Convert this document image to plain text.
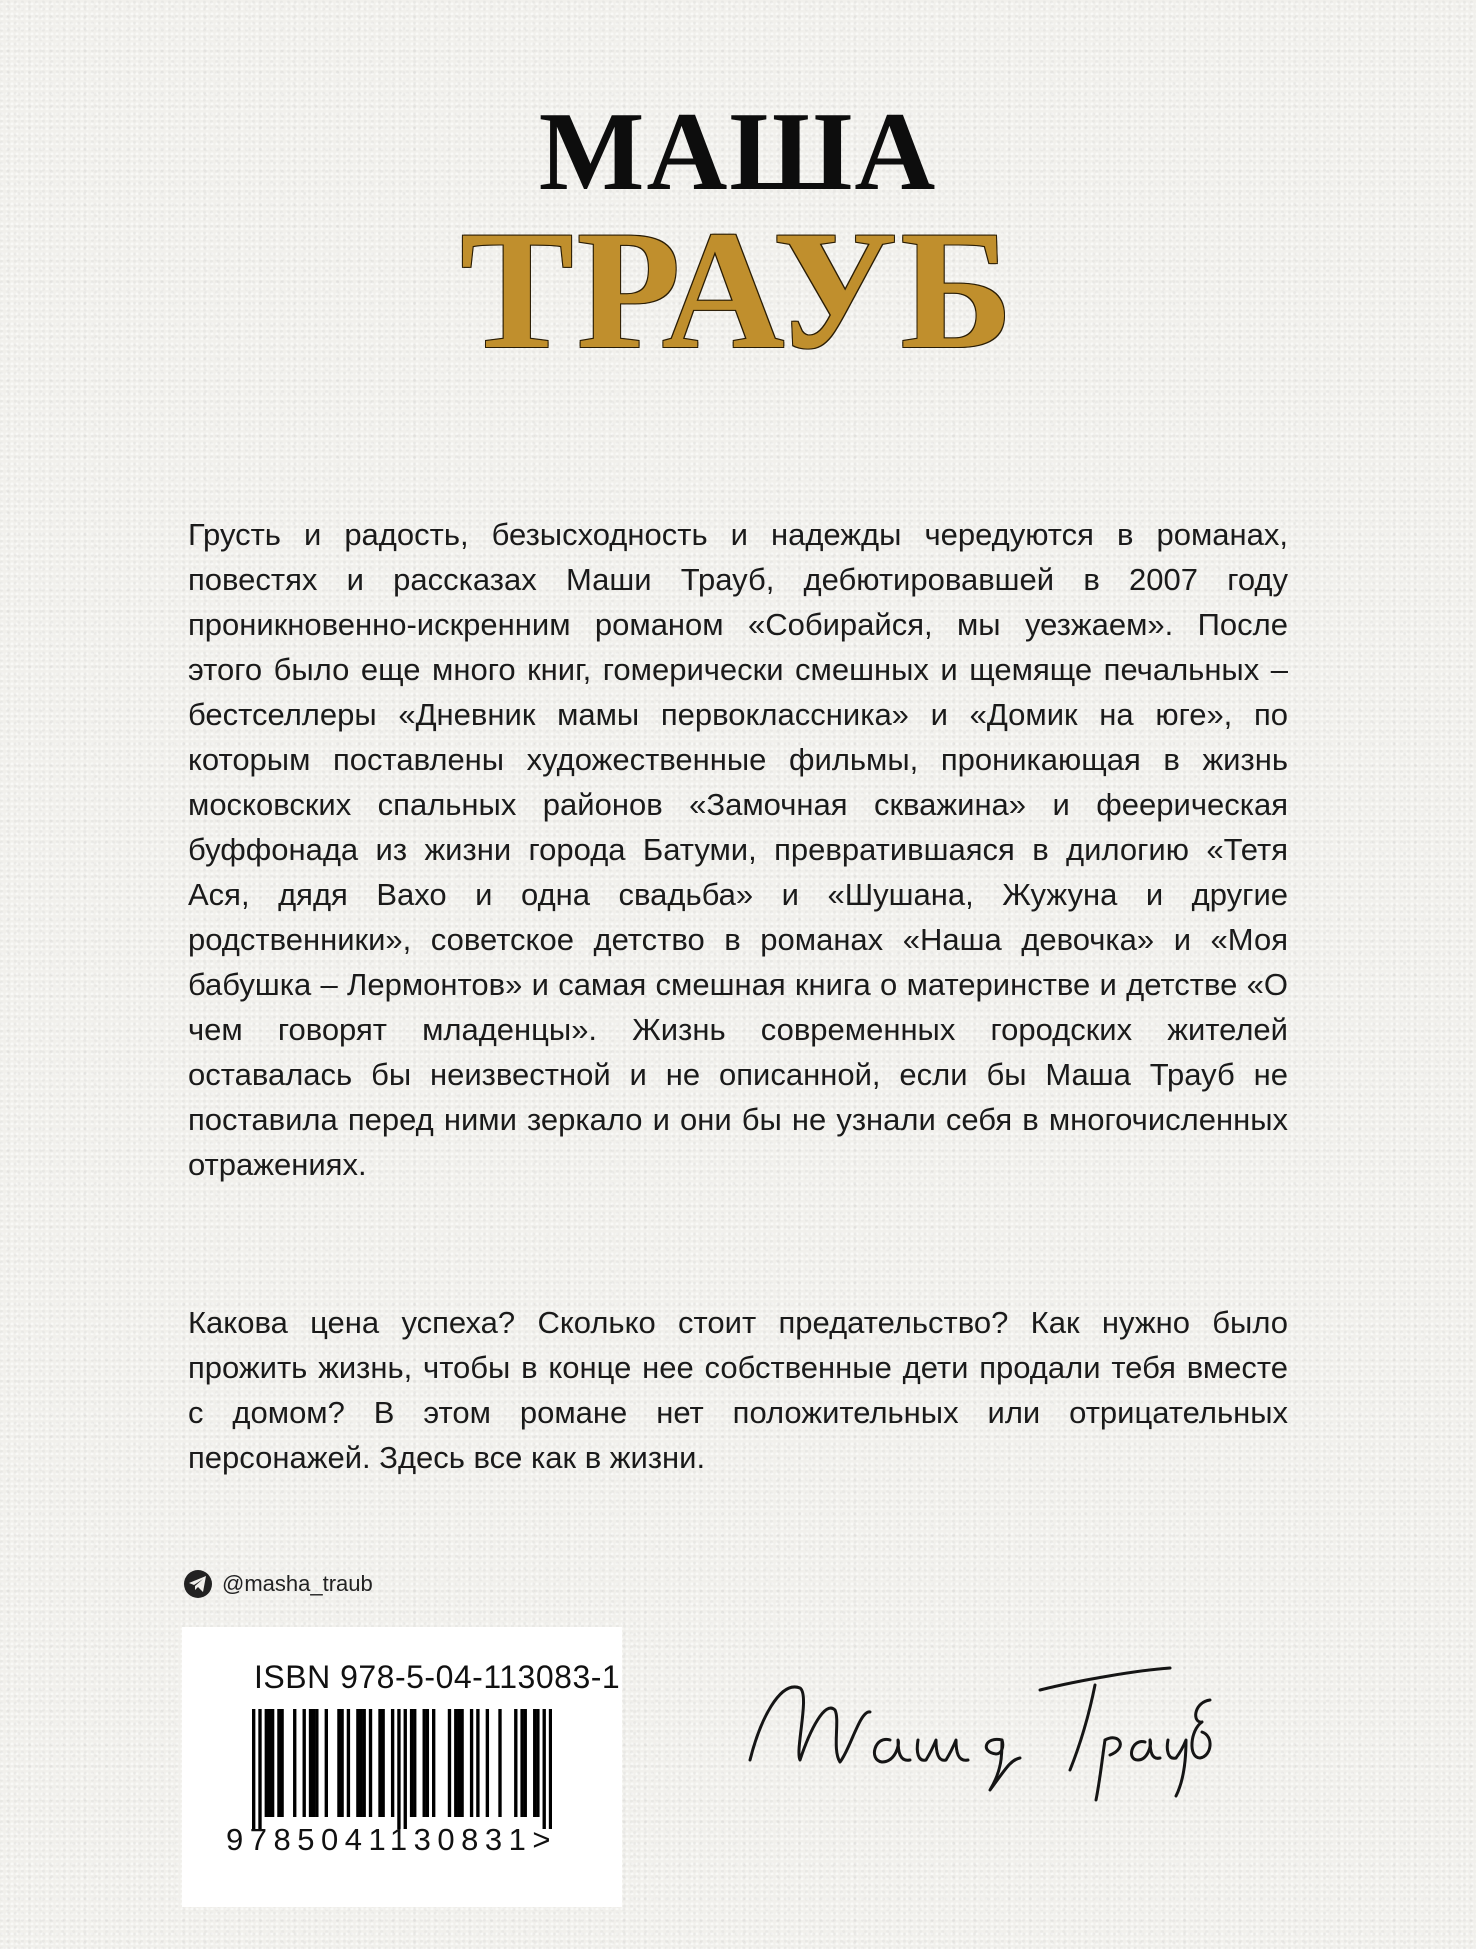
МАША
ТРАУБ

Грусть и радость, безысходность и надежды чередуются в романах, повестях и рассказах Маши Трауб, дебютировавшей в 2007 году проникновенно-искренним романом «Собирайся, мы уезжаем». После этого было еще много книг, гомерически смешных и щемяще печальных – бестселлеры «Дневник мамы первоклассника» и «Домик на юге», по которым поставлены художественные фильмы, проникающая в жизнь московских спальных районов «Замочная скважина» и феерическая буффонада из жизни города Батуми, превратившаяся в дилогию «Тетя Ася, дядя Вахо и одна свадьба» и «Шушана, Жужуна и другие родственники», советское детство в романах «Наша девочка» и «Моя бабушка – Лермонтов» и самая смешная книга о материнстве и детстве «О чем говорят младенцы». Жизнь современных городских жителей оставалась бы неизвестной и не описанной, если бы Маша Трауб не поставила перед ними зеркало и они бы не узнали себя в многочисленных отражениях.

Какова цена успеха? Сколько стоит предательство? Как нужно было прожить жизнь, чтобы в конце нее собственные дети продали тебя вместе с домом? В этом романе нет положительных или отрицательных персонажей. Здесь все как в жизни.

@masha_traub
ISBN 978-5-04-113083-1
9785041130831>
